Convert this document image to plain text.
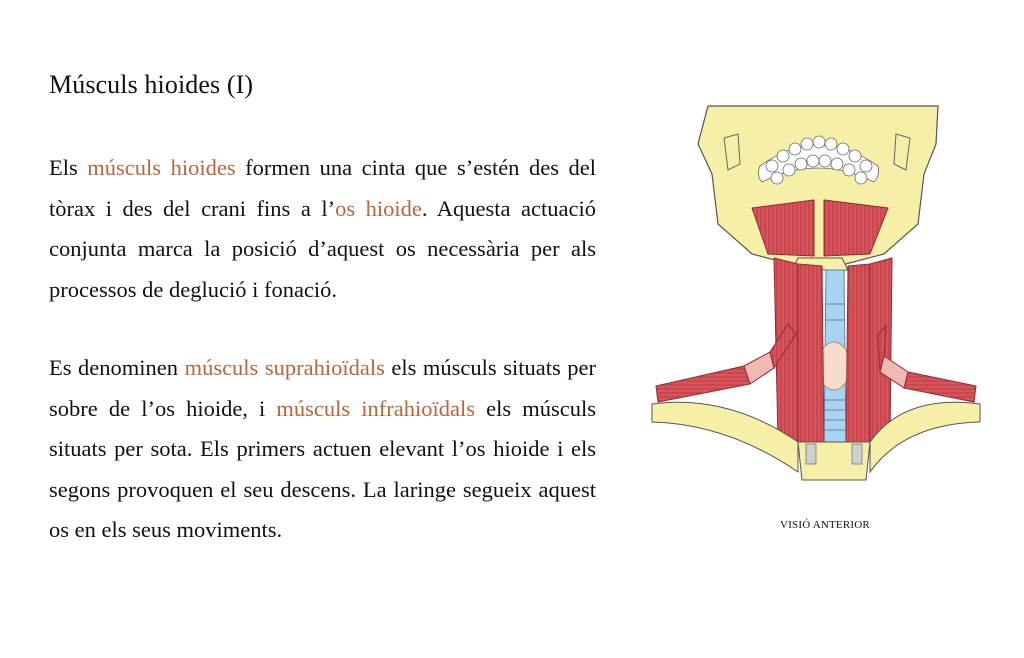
Músculs hioides (I)

Els músculs hioides formen una cinta que s’estén des del tòrax i des del crani fins a l’os hioide. Aquesta actuació conjunta marca la posició d’aquest os necessària per als processos de deglució i fonació.

Es denominen músculs suprahioïdals els músculs situats per sobre de l’os hioide, i músculs infrahioïdals els músculs situats per sota. Els primers actuen elevant l’os hioide i els segons provoquen el seu descens. La laringe segueix aquest os en els seus moviments.	VISIÓ ANTERIOR
